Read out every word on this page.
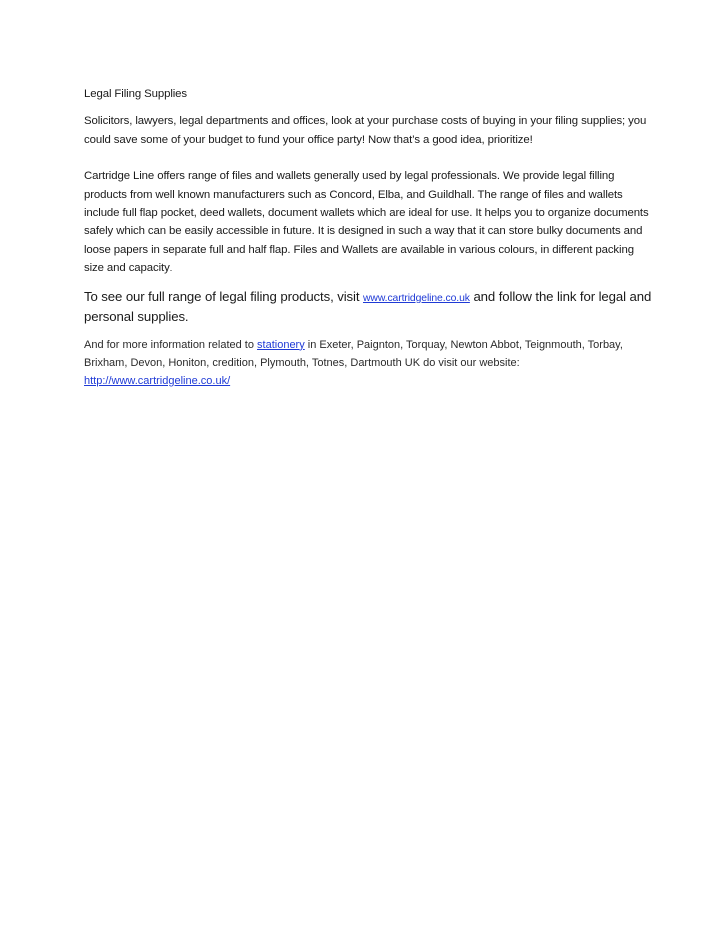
Legal Filing Supplies

Solicitors, lawyers, legal departments and offices, look at your purchase costs of buying in your filing supplies; you could save some of your budget to fund your office party! Now that’s a good idea, prioritize!

Cartridge Line offers range of files and wallets generally used by legal professionals. We provide legal filling products from well known manufacturers such as Concord, Elba, and Guildhall. The range of files and wallets include full flap pocket, deed wallets, document wallets which are ideal for use. It helps you to organize documents safely which can be easily accessible in future. It is designed in such a way that it can store bulky documents and loose papers in separate full and half flap. Files and Wallets are available in various colours, in different packing size and capacity.

To see our full range of legal filing products, visit www.cartridgeline.co.uk and follow the link for legal and personal supplies.

And for more information related to stationery in Exeter, Paignton, Torquay, Newton Abbot, Teignmouth, Torbay, Brixham, Devon, Honiton, credition, Plymouth, Totnes, Dartmouth UK do visit our website: http://www.cartridgeline.co.uk/
